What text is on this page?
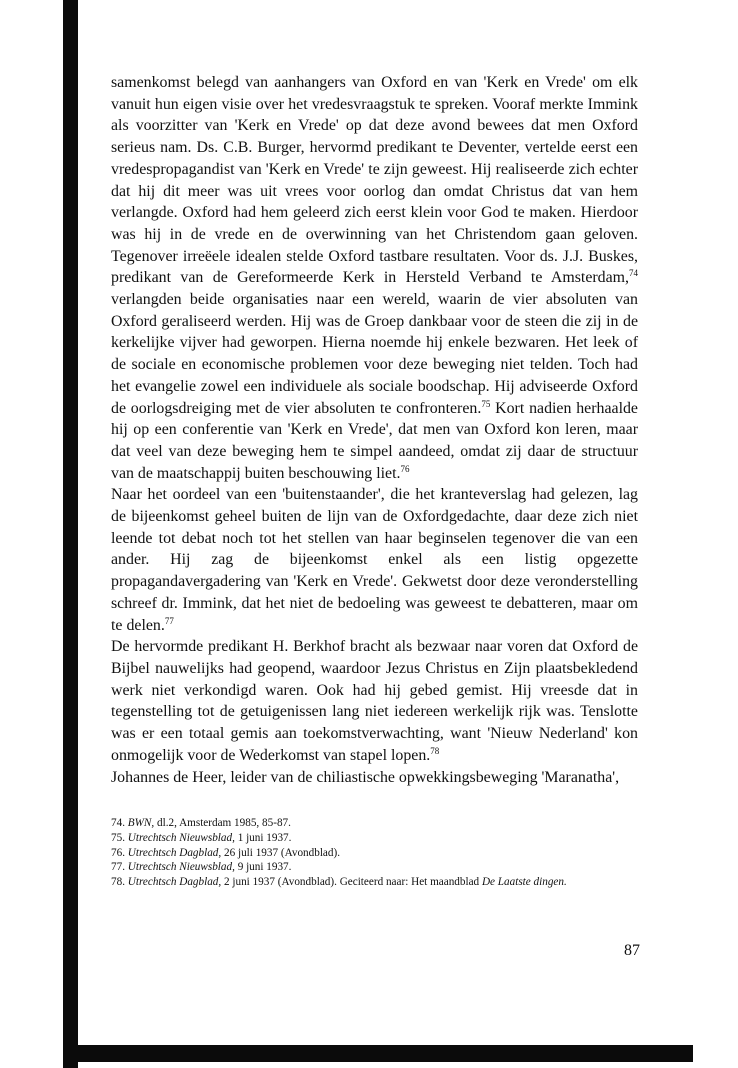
samenkomst belegd van aanhangers van Oxford en van 'Kerk en Vrede' om elk vanuit hun eigen visie over het vredesvraagstuk te spreken. Vooraf merkte Immink als voorzitter van 'Kerk en Vrede' op dat deze avond bewees dat men Oxford serieus nam. Ds. C.B. Burger, hervormd predikant te Deventer, vertelde eerst een vredespropagandist van 'Kerk en Vrede' te zijn geweest. Hij realiseerde zich echter dat hij dit meer was uit vrees voor oorlog dan omdat Christus dat van hem verlangde. Oxford had hem geleerd zich eerst klein voor God te maken. Hierdoor was hij in de vrede en de overwinning van het Christendom gaan geloven. Tegenover irreëele idealen stelde Oxford tastbare resultaten. Voor ds. J.J. Buskes, predikant van de Gereformeerde Kerk in Hersteld Verband te Amsterdam,$^{74}$ verlangden beide organisaties naar een wereld, waarin de vier absoluten van Oxford geraliseerd werden. Hij was de Groep dankbaar voor de steen die zij in de kerkelijke vijver had geworpen. Hierna noemde hij enkele bezwaren. Het leek of de sociale en economische problemen voor deze beweging niet telden. Toch had het evangelie zowel een individuele als sociale boodschap. Hij adviseerde Oxford de oorlogsdreiging met de vier absoluten te confronteren.$^{75}$ Kort nadien herhaalde hij op een conferentie van 'Kerk en Vrede', dat men van Oxford kon leren, maar dat veel van deze beweging hem te simpel aandeed, omdat zij daar de structuur van de maatschappij buiten beschouwing liet.$^{76}$

Naar het oordeel van een 'buitenstaander', die het kranteverslag had gelezen, lag de bijeenkomst geheel buiten de lijn van de Oxfordgedachte, daar deze zich niet leende tot debat noch tot het stellen van haar beginselen tegenover die van een ander. Hij zag de bijeenkomst enkel als een listig opgezette propagandavergadering van 'Kerk en Vrede'. Gekwetst door deze veronderstelling schreef dr. Immink, dat het niet de bedoeling was geweest te debatteren, maar om te delen.$^{77}$

De hervormde predikant H. Berkhof bracht als bezwaar naar voren dat Oxford de Bijbel nauwelijks had geopend, waardoor Jezus Christus en Zijn plaatsbekledend werk niet verkondigd waren. Ook had hij gebed gemist. Hij vreesde dat in tegenstelling tot de getuigenissen lang niet iedereen werkelijk rijk was. Tenslotte was er een totaal gemis aan toekomstverwachting, want 'Nieuw Nederland' kon onmogelijk voor de Wederkomst van stapel lopen.$^{78}$

Johannes de Heer, leider van de chiliastische opwekkingsbeweging 'Maranatha',

74. BWN, dl.2, Amsterdam 1985, 85-87.

75. Utrechtsch Nieuwsblad, 1 juni 1937.

76. Utrechtsch Dagblad, 26 juli 1937 (Avondblad).

77. Utrechtsch Nieuwsblad, 9 juni 1937.

78. Utrechtsch Dagblad, 2 juni 1937 (Avondblad). Geciteerd naar: Het maandblad De Laatste dingen.

87
